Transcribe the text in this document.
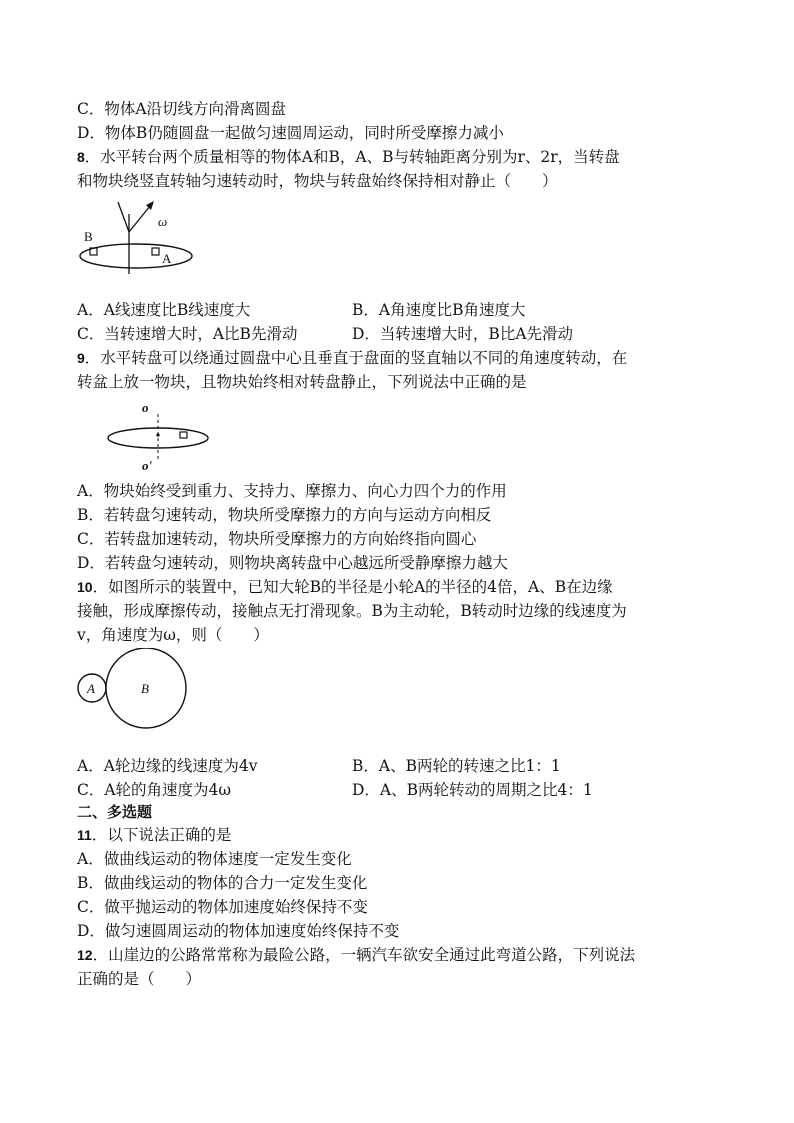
C．物体A沿切线方向滑离圆盘
D．物体B仍随圆盘一起做匀速圆周运动，同时所受摩擦力减小
8．水平转台两个质量相等的物体A和B，A、B与转轴距离分别为r、2r，当转盘
和物块绕竖直转轴匀速转动时，物块与转盘始终保持相对静止（　　）
B
A
ω
A．A线速度比B线速度大	B．A角速度比B角速度大
C．当转速增大时，A比B先滑动	D．当转速增大时，B比A先滑动
9．水平转盘可以绕通过圆盘中心且垂直于盘面的竖直轴以不同的角速度转动，在
转盆上放一物块，且物块始终相对转盘静止，下列说法中正确的是
o
o'
A．物块始终受到重力、支持力、摩擦力、向心力四个力的作用
B．若转盘匀速转动，物块所受摩擦力的方向与运动方向相反
C．若转盘加速转动，物块所受摩擦力的方向始终指向圆心
D．若转盘匀速转动，则物块离转盘中心越远所受静摩擦力越大
10．如图所示的装置中，已知大轮B的半径是小轮A的半径的4倍，A、B在边缘
接触，形成摩擦传动，接触点无打滑现象。B为主动轮，B转动时边缘的线速度为
v，角速度为ω，则（　　）
A	B
A．A轮边缘的线速度为4v	B．A、B两轮的转速之比1：1
C．A轮的角速度为4ω	D．A、B两轮转动的周期之比4：1
二、多选题
11．以下说法正确的是
A．做曲线运动的物体速度一定发生变化
B．做曲线运动的物体的合力一定发生变化
C．做平抛运动的物体加速度始终保持不变
D．做匀速圆周运动的物体加速度始终保持不变
12．山崖边的公路常常称为最险公路，一辆汽车欲安全通过此弯道公路，下列说法
正确的是（　　）
